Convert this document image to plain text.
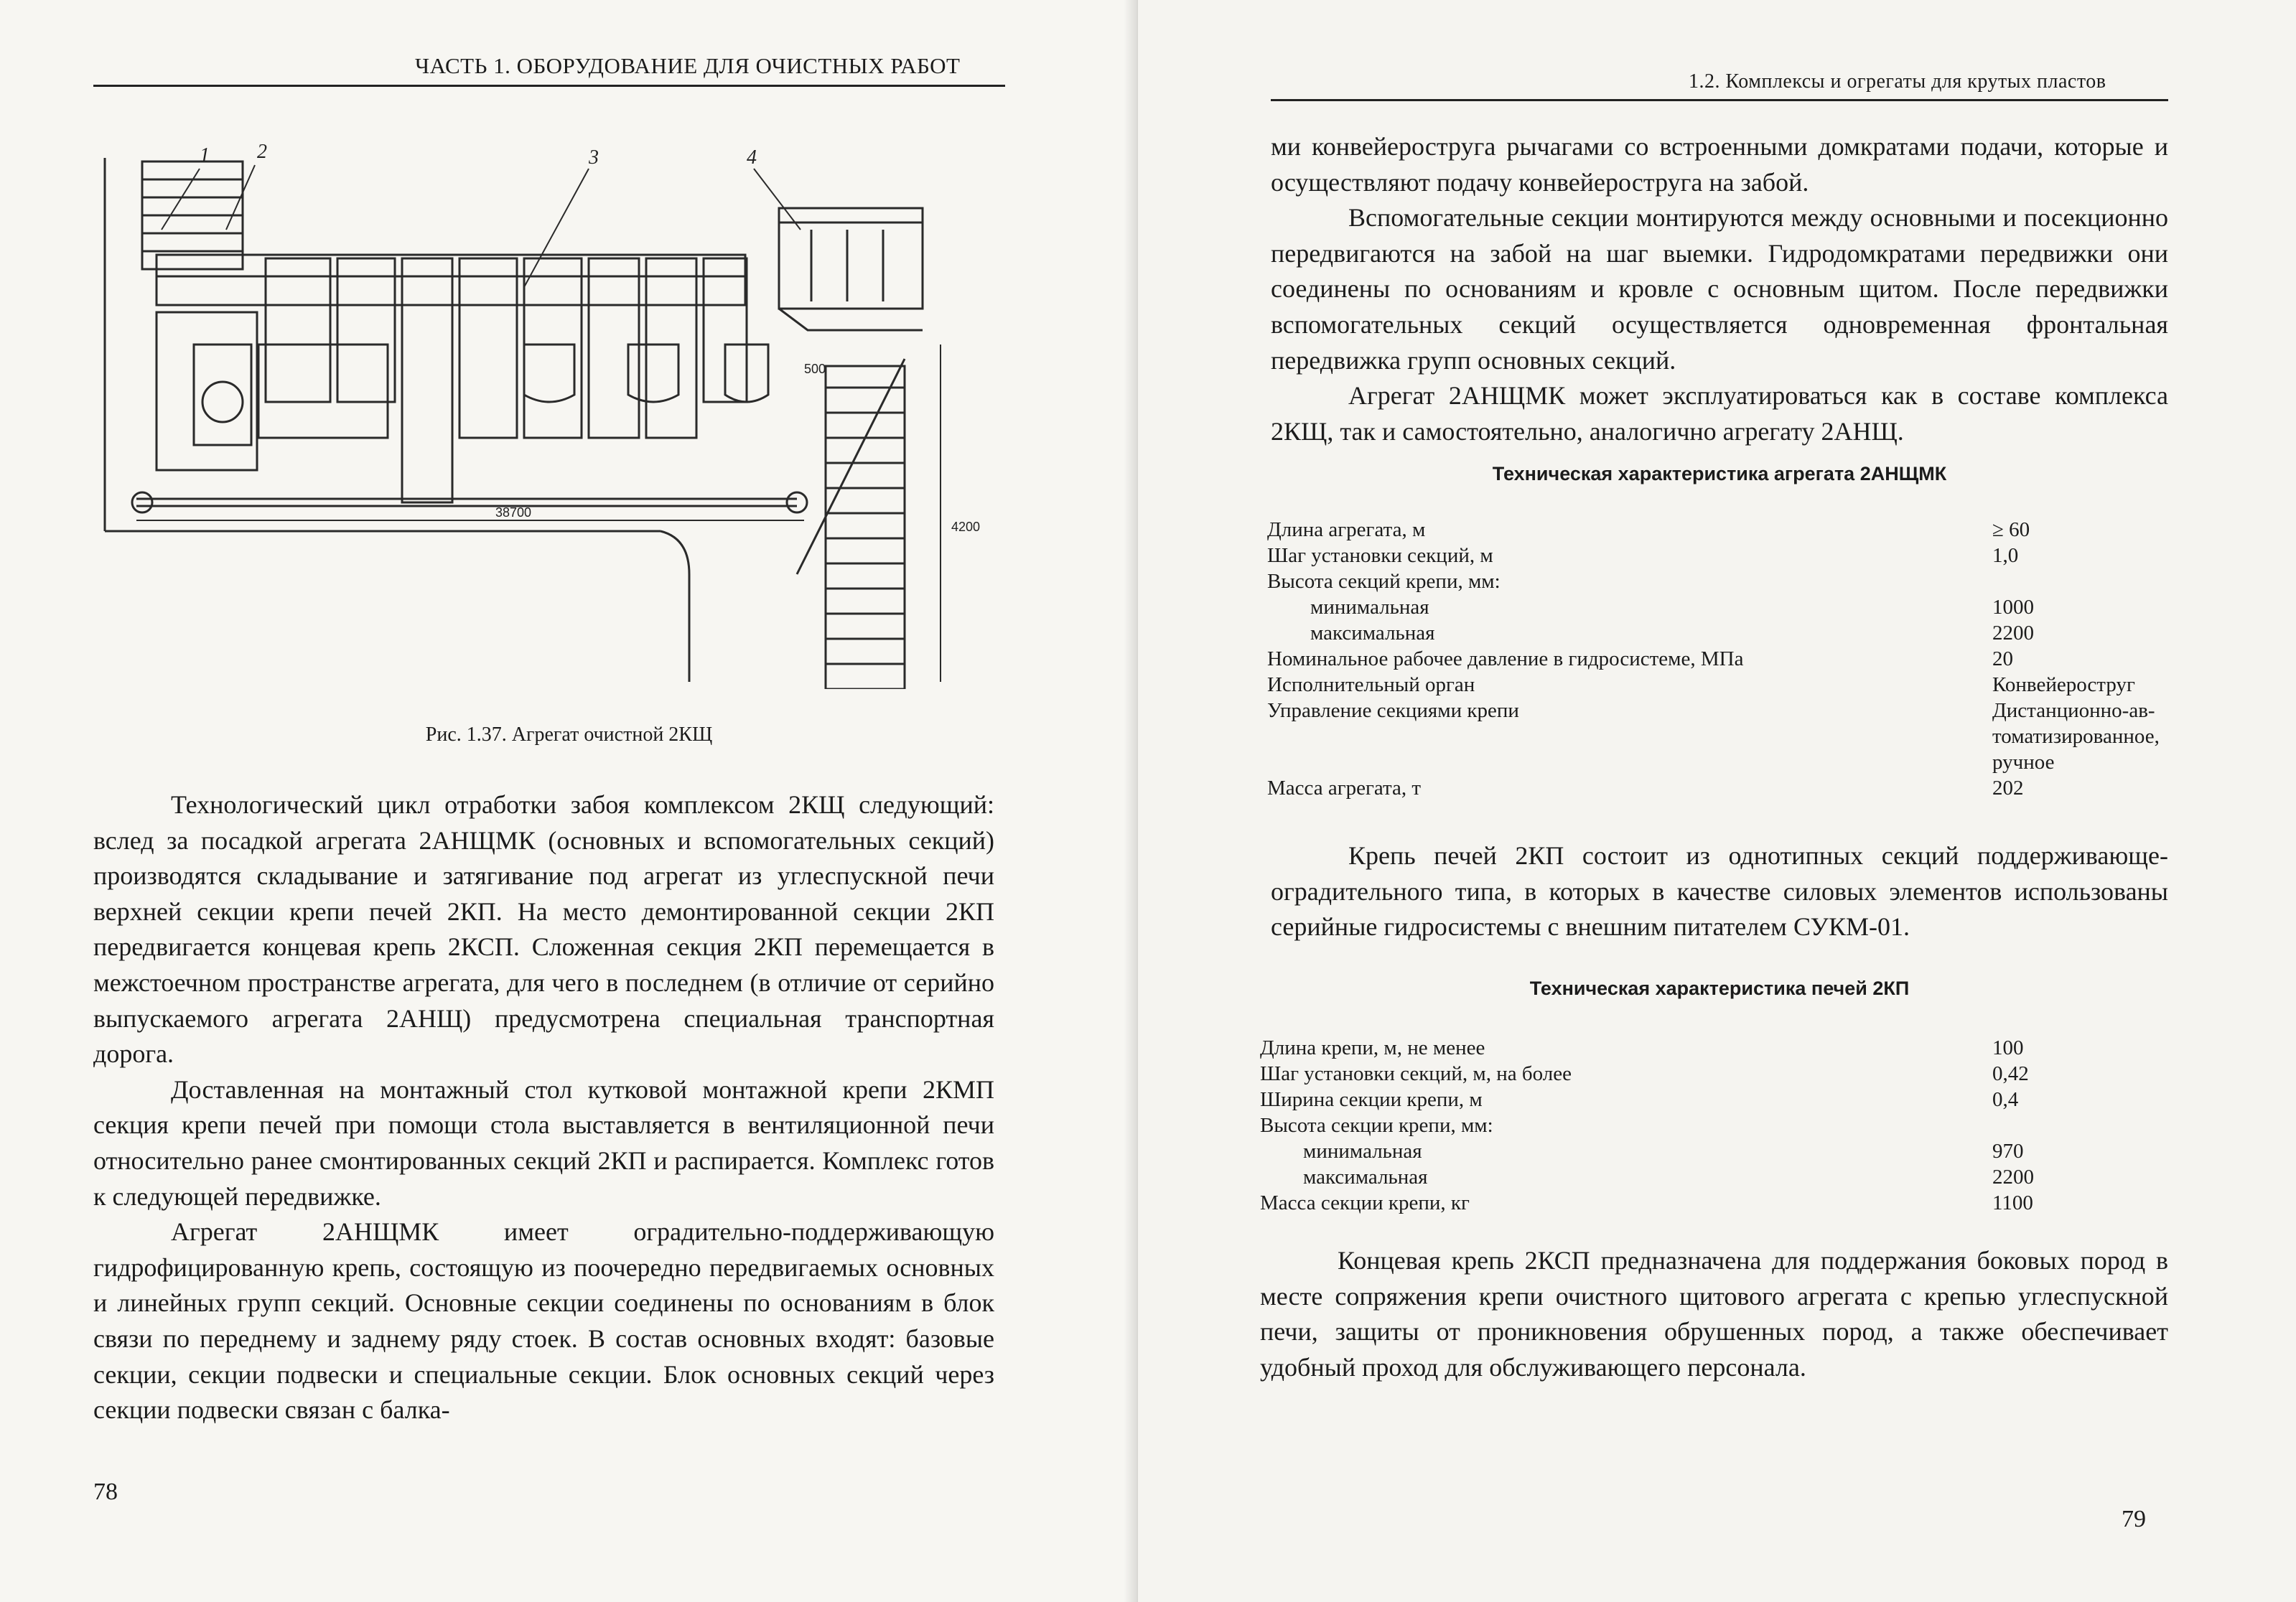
ЧАСТЬ 1. ОБОРУДОВАНИЕ ДЛЯ ОЧИСТНЫХ РАБОТ
1 2	3	4
500
38700
4200
Рис. 1.37. Агрегат очистной 2КЩ

Технологический цикл отработки забоя комплексом 2КЩ следующий: вслед за посадкой агрегата 2АНЩМК (основных и вспомогательных секций) производятся складывание и затягивание под агрегат из углеспускной печи верхней секции крепи печей 2КП. На место демонтированной секции 2КП передвигается концевая крепь 2КСП. Сложенная секция 2КП перемещается в межстоечном пространстве агрегата, для чего в последнем (в отличие от серийно выпускаемого агрегата 2АНЩ) предусмотрена специальная транспортная дорога.

Доставленная на монтажный стол кутковой монтажной крепи 2КМП секция крепи печей при помощи стола выставляется в вентиляционной печи относительно ранее смонтированных секций 2КП и распирается. Комплекс готов к следующей передвижке.

Агрегат 2АНЩМК имеет оградительно-поддерживающую гидрофицированную крепь, состоящую из поочередно передвигаемых основных и линейных групп секций. Основные секции соединены по основаниям в блок связи по переднему и заднему ряду стоек. В состав основных входят: базовые секции, секции подвески и специальные секции. Блок основных секций через секции подвески связан с балка-

78
1.2. Комплексы и огрегаты для крутых пластов

ми конвейероструга рычагами со встроенными домкратами подачи, которые и осуществляют подачу конвейероструга на забой.

Вспомогательные секции монтируются между основными и посекционно передвигаются на забой на шаг выемки. Гидродомкратами передвижки они соединены по основаниям и кровле с основным щитом. После передвижки вспомогательных секций осуществляется одновременная фронтальная передвижка групп основных секций.

Агрегат 2АНЩМК может эксплуатироваться как в составе комплекса 2КЩ, так и самостоятельно, аналогично агрегату 2АНЩ.

Техническая характеристика агрегата 2АНЩМК
Длина агрегата, м	≥ 60
Шаг установки секций, м	1,0
Высота секций крепи, мм:
минимальная	1000
максимальная	2200
Номинальное рабочее давление в гидросистеме, МПа	20
Исполнительный орган	Конвейероструг
Управление секциями крепи	Дистанционно-ав-
томатизированное,
ручное
Масса агрегата, т	202

Крепь печей 2КП состоит из однотипных секций поддерживающе-оградительного типа, в которых в качестве силовых элементов использованы серийные гидросистемы с внешним питателем СУКМ-01.

Техническая характеристика печей 2КП
Длина крепи, м, не менее	100
Шаг установки секций, м, на более	0,42
Ширина секции крепи, м	0,4
Высота секции крепи, мм:
минимальная	970
максимальная	2200
Масса секции крепи, кг	1100

Концевая крепь 2КСП предназначена для поддержания боковых пород в месте сопряжения крепи очистного щитового агрегата с крепью углеспускной печи, защиты от проникновения обрушенных пород, а также обеспечивает удобный проход для обслуживающего персонала.

79
